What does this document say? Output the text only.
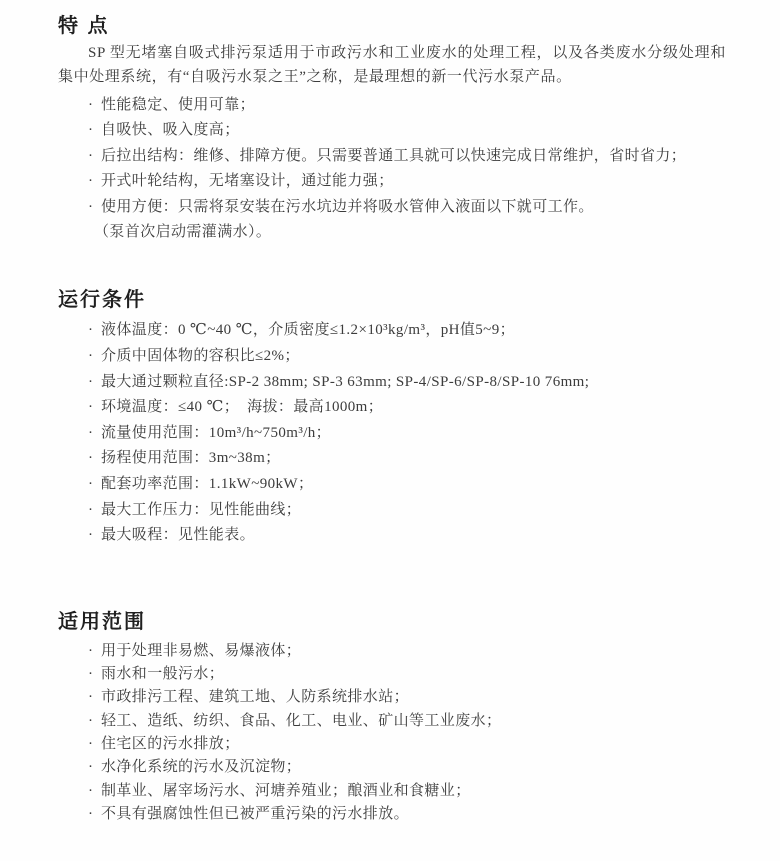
特 点

SP 型无堵塞自吸式排污泵适用于市政污水和工业废水的处理工程，以及各类废水分级处理和集中处理系统，有“自吸污水泵之王”之称，是最理想的新一代污水泵产品。

· 性能稳定、使用可靠；
· 自吸快、吸入度高；
· 后拉出结构：维修、排障方便。只需要普通工具就可以快速完成日常维护，省时省力；
· 开式叶轮结构，无堵塞设计，通过能力强；
· 使用方便：只需将泵安装在污水坑边并将吸水管伸入液面以下就可工作。
（泵首次启动需灌满水）。
运行条件
· 液体温度：0 ℃~40 ℃，介质密度≤1.2×10³kg/m³，pH值5~9；
· 介质中固体物的容积比≤2%；
· 最大通过颗粒直径:SP-2 38mm; SP-3 63mm; SP-4/SP-6/SP-8/SP-10 76mm;
· 环境温度：≤40 ℃；　海拔：最高1000m；
· 流量使用范围：10m³/h~750m³/h；
· 扬程使用范围：3m~38m；
· 配套功率范围：1.1kW~90kW；
· 最大工作压力：见性能曲线；
· 最大吸程：见性能表。
适用范围
· 用于处理非易燃、易爆液体；
· 雨水和一般污水；
· 市政排污工程、建筑工地、人防系统排水站；
· 轻工、造纸、纺织、食品、化工、电业、矿山等工业废水；
· 住宅区的污水排放；
· 水净化系统的污水及沉淀物；
· 制革业、屠宰场污水、河塘养殖业；酿酒业和食糖业；
· 不具有强腐蚀性但已被严重污染的污水排放。
